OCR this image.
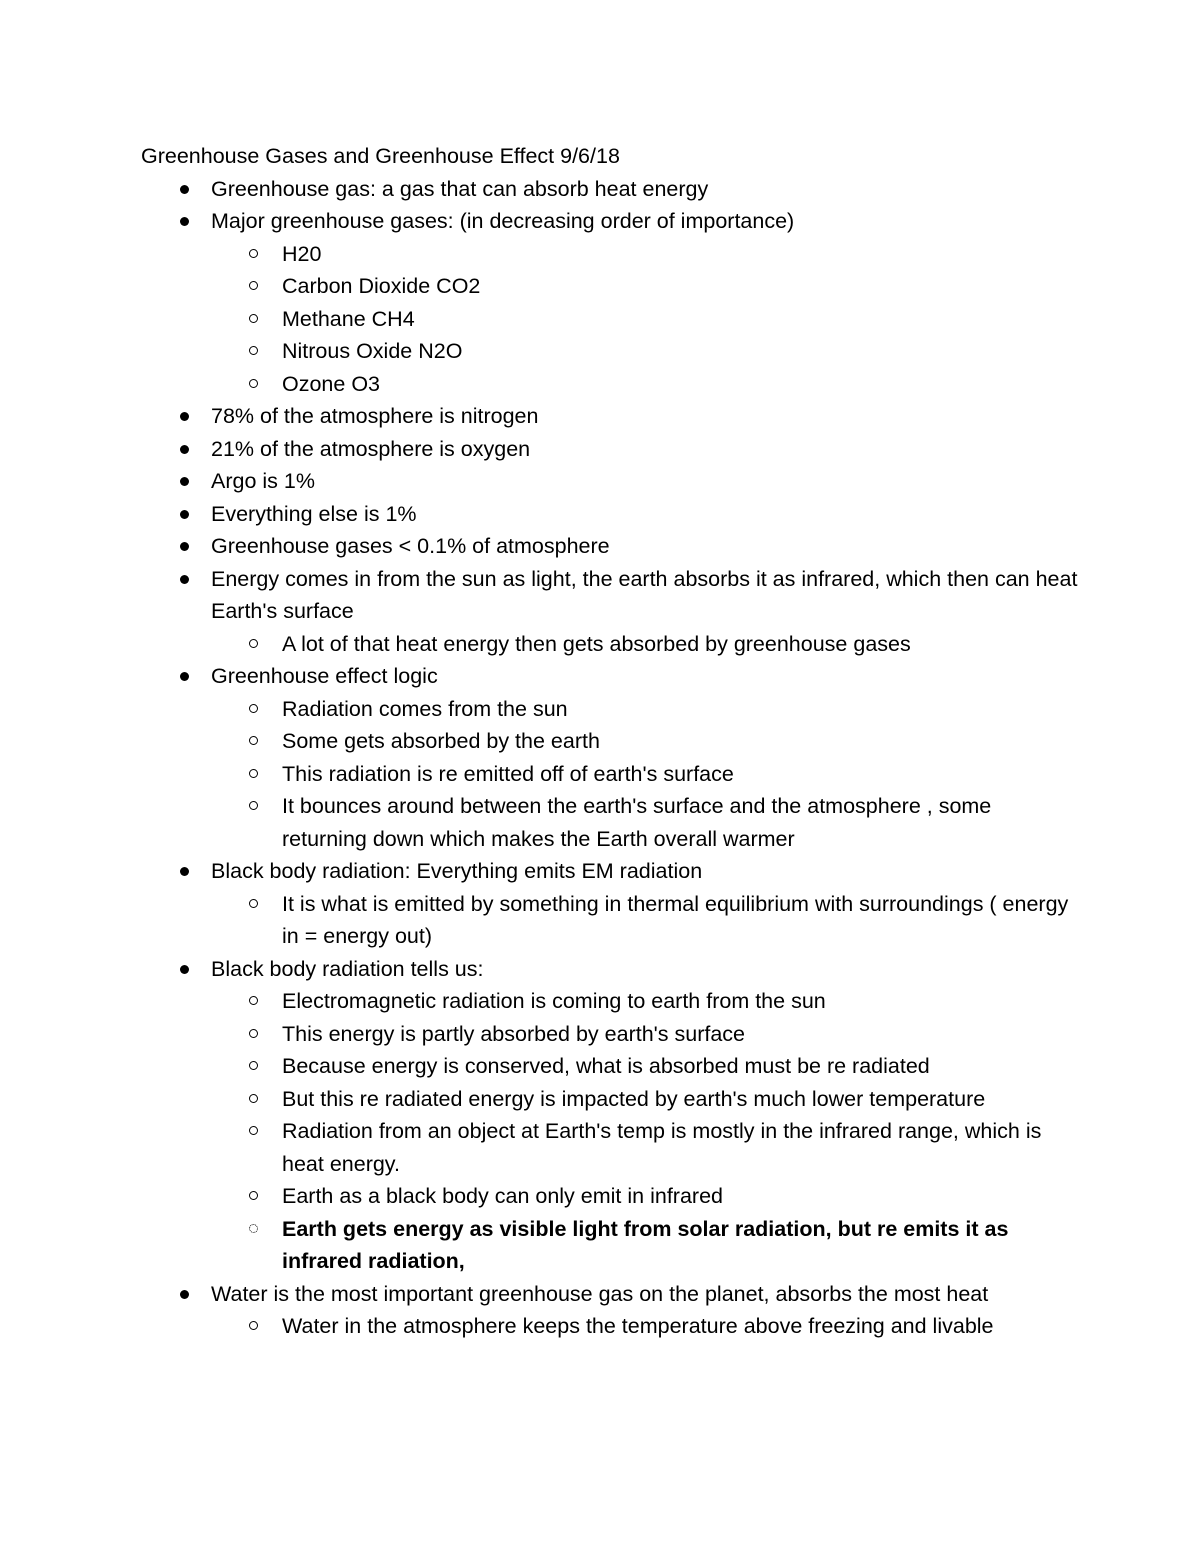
Greenhouse Gases and Greenhouse Effect 9/6/18

Greenhouse gas: a gas that can absorb heat energy
Major greenhouse gases: (in decreasing order of importance)
H20
Carbon Dioxide CO2
Methane CH4
Nitrous Oxide N2O
Ozone O3
78% of the atmosphere is nitrogen
21% of the atmosphere is oxygen
Argo is 1%
Everything else is 1%
Greenhouse gases < 0.1% of atmosphere
Energy comes in from the sun as light, the earth absorbs it as infrared, which then can heat Earth's surface
A lot of that heat energy then gets absorbed by greenhouse gases
Greenhouse effect logic
Radiation comes from the sun
Some gets absorbed by the earth
This radiation is re emitted off of earth's surface
It bounces around between the earth's surface and the atmosphere , some returning down which makes the Earth overall warmer
Black body radiation: Everything emits EM radiation
It is what is emitted by something in thermal equilibrium with surroundings ( energy in = energy out)
Black body radiation tells us:
Electromagnetic radiation is coming to earth from the sun
This energy is partly absorbed by earth's surface
Because energy is conserved, what is absorbed must be re radiated
But this re radiated energy is impacted by earth's much lower temperature
Radiation from an object at Earth's temp is mostly in the infrared range, which is heat energy.
Earth as a black body can only emit in infrared
Earth gets energy as visible light from solar radiation, but re emits it as infrared radiation,
Water is the most important greenhouse gas on the planet, absorbs the most heat
Water in the atmosphere keeps the temperature above freezing and livable
